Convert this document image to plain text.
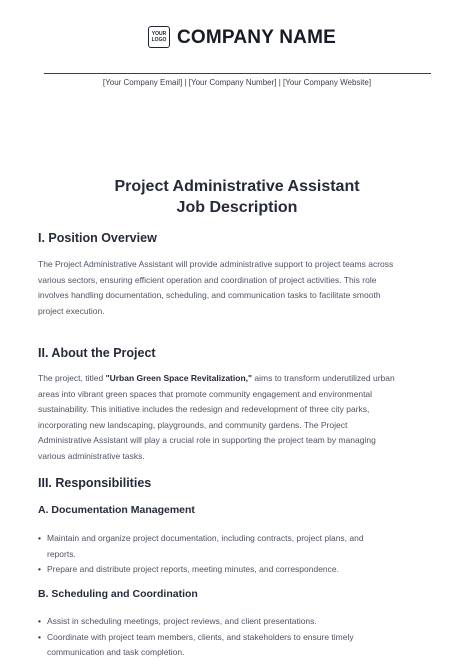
YOUR
LOGO COMPANY NAME
[Your Company Email] | [Your Company Number] | [Your Company Website]
Project Administrative Assistant
Job Description
I. Position Overview
The Project Administrative Assistant will provide administrative support to project teams across
various sectors, ensuring efficient operation and coordination of project activities. This role
involves handling documentation, scheduling, and communication tasks to facilitate smooth
project execution.
II. About the Project
The project, titled "Urban Green Space Revitalization," aims to transform underutilized urban
areas into vibrant green spaces that promote community engagement and environmental
sustainability. This initiative includes the redesign and redevelopment of three city parks,
incorporating new landscaping, playgrounds, and community gardens. The Project
Administrative Assistant will play a crucial role in supporting the project team by managing
various administrative tasks.
III. Responsibilities
A. Documentation Management
• Maintain and organize project documentation, including contracts, project plans, and
reports.
• Prepare and distribute project reports, meeting minutes, and correspondence.
B. Scheduling and Coordination
• Assist in scheduling meetings, project reviews, and client presentations.
• Coordinate with project team members, clients, and stakeholders to ensure timely
communication and task completion.
